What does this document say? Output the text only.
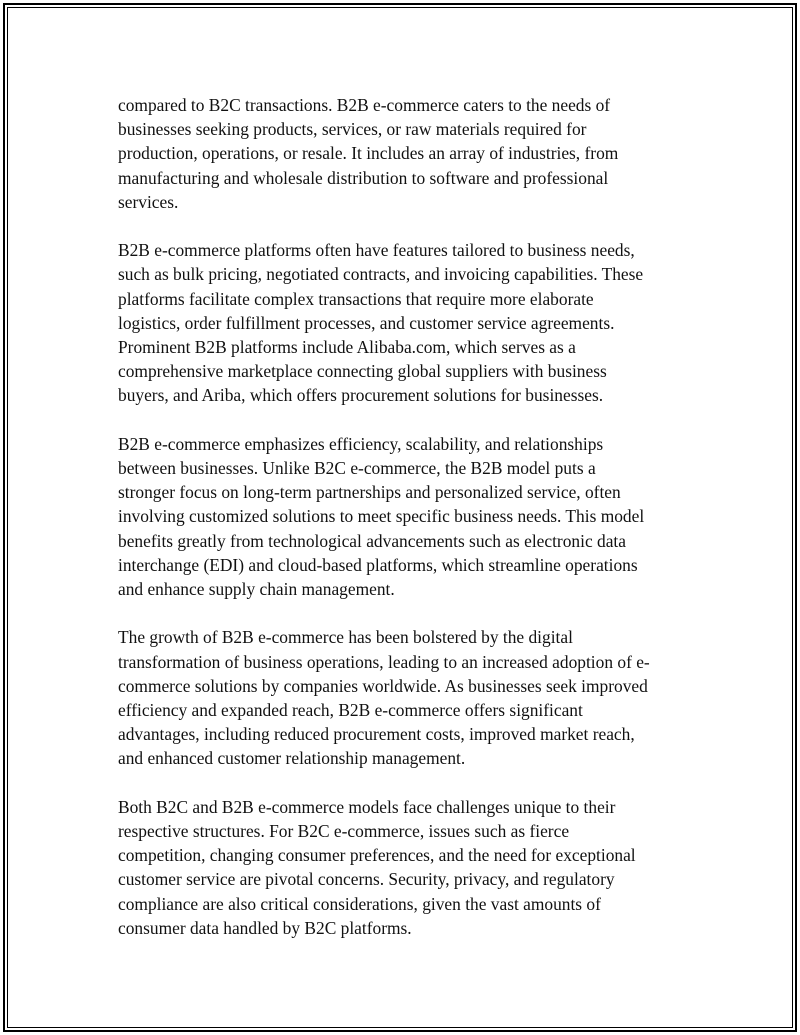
compared to B2C transactions. B2B e-commerce caters to the needs of
businesses seeking products, services, or raw materials required for
production, operations, or resale. It includes an array of industries, from
manufacturing and wholesale distribution to software and professional
services.

B2B e-commerce platforms often have features tailored to business needs,
such as bulk pricing, negotiated contracts, and invoicing capabilities. These
platforms facilitate complex transactions that require more elaborate
logistics, order fulfillment processes, and customer service agreements.
Prominent B2B platforms include Alibaba.com, which serves as a
comprehensive marketplace connecting global suppliers with business
buyers, and Ariba, which offers procurement solutions for businesses.

B2B e-commerce emphasizes efficiency, scalability, and relationships
between businesses. Unlike B2C e-commerce, the B2B model puts a
stronger focus on long-term partnerships and personalized service, often
involving customized solutions to meet specific business needs. This model
benefits greatly from technological advancements such as electronic data
interchange (EDI) and cloud-based platforms, which streamline operations
and enhance supply chain management.

The growth of B2B e-commerce has been bolstered by the digital
transformation of business operations, leading to an increased adoption of e-
commerce solutions by companies worldwide. As businesses seek improved
efficiency and expanded reach, B2B e-commerce offers significant
advantages, including reduced procurement costs, improved market reach,
and enhanced customer relationship management.

Both B2C and B2B e-commerce models face challenges unique to their
respective structures. For B2C e-commerce, issues such as fierce
competition, changing consumer preferences, and the need for exceptional
customer service are pivotal concerns. Security, privacy, and regulatory
compliance are also critical considerations, given the vast amounts of
consumer data handled by B2C platforms.
